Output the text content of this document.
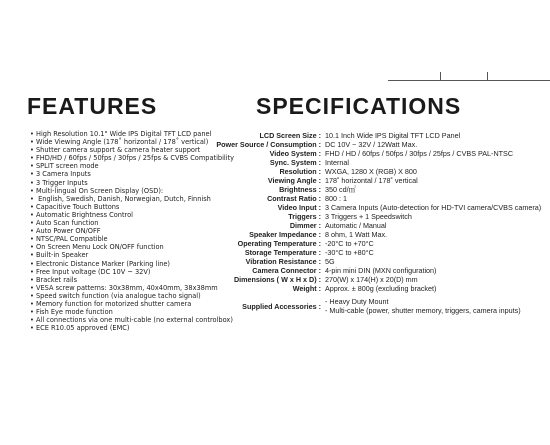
FEATURES	SPECIFICATIONS
• High Resolution 10.1" Wide IPS Digital TFT LCD panel
• Wide Viewing Angle (178˚ horizontal / 178˚ vertical)
• Shutter camera support & camera heater support
• FHD/HD / 60fps / 50fps / 30fps / 25fps & CVBS Compatibility
• SPLIT screen mode
• 3 Camera Inputs
• 3 Trigger Inputs
• Multi-lingual On Screen Display (OSD):
•  English, Swedish, Danish, Norwegian, Dutch, Finnish
• Capacitive Touch Buttons
• Automatic Brightness Control
• Auto Scan function
• Auto Power ON/OFF
• NTSC/PAL Compatible
• On Screen Menu Lock ON/OFF function
• Built-in Speaker
• Electronic Distance Marker (Parking line)
• Free Input voltage (DC 10V ~ 32V)
• Bracket rails
• VESA screw patterns: 30x38mm, 40x40mm, 38x38mm
• Speed switch function (via analogue tacho signal)
• Memory function for motorized shutter camera
• Fish Eye mode function
• All connections via one multi-cable (no external controlbox)
• ECE R10.05 approved (EMC)
LCD Screen Size :	10.1 Inch Wide IPS Digital TFT LCD Panel

Power Source / Consumption :	DC 10V ~ 32V / 12Watt Max.

Video System :	FHD / HD / 60fps / 50fps / 30fps / 25fps / CVBS PAL-NTSC

Sync. System :	Internal

Resolution :	WXGA, 1280 X (RGB) X 800

Viewing Angle :	178˚ horizontal / 178˚ vertical

Brightness :	350 cd/㎡

Contrast Ratio :	800 : 1

Video Input :	3 Camera Inputs (Auto-detection for HD-TVI camera/CVBS camera)

Triggers :	3 Triggers + 1 Speedswitch

Dimmer :	Automatic / Manual

Speaker Impedance :	8 ohm, 1 Watt Max.

Operating Temperature :	-20°C to +70°C

Storage Temperature :	-30°C to +80°C

Vibration Resistance :	5G

Camera Connector :	4-pin mini DIN (MXN configuration)

Dimensions ( W x H x D) :	270(W) x 174(H) x 20(D) mm

Weight :	Approx. ± 800g (excluding bracket)

Supplied Accessories :	- Heavy Duty Mount
- Multi-cable (power, shutter memory, triggers, camera inputs)
